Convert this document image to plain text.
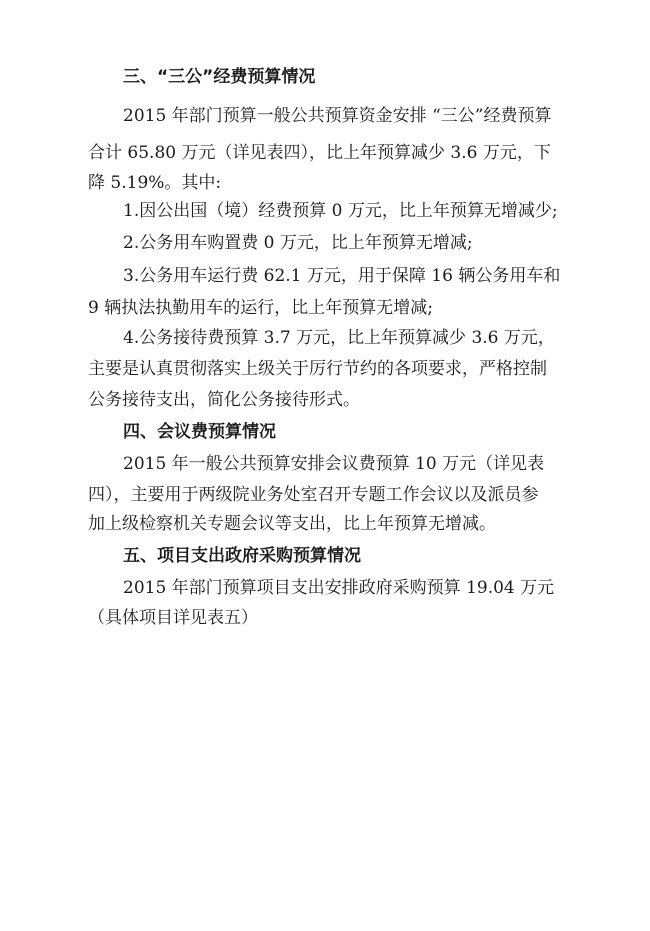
三、“三公”经费预算情况
2015 年部门预算一般公共预算资金安排 “三公”经费预算
合计 65.80 万元（详见表四），比上年预算减少 3.6 万元，下
降 5.19%。其中:
1.因公出国（境）经费预算 0 万元，比上年预算无增减少;
2.公务用车购置费 0 万元，比上年预算无增减;
3.公务用车运行费 62.1 万元，用于保障 16 辆公务用车和
9 辆执法执勤用车的运行，比上年预算无增减;
4.公务接待费预算 3.7 万元，比上年预算减少 3.6 万元，
主要是认真贯彻落实上级关于厉行节约的各项要求，严格控制
公务接待支出，简化公务接待形式。
四、会议费预算情况
2015 年一般公共预算安排会议费预算 10 万元（详见表
四），主要用于两级院业务处室召开专题工作会议以及派员参
加上级检察机关专题会议等支出，比上年预算无增减。
五、项目支出政府采购预算情况
2015 年部门预算项目支出安排政府采购预算 19.04 万元
（具体项目详见表五）
